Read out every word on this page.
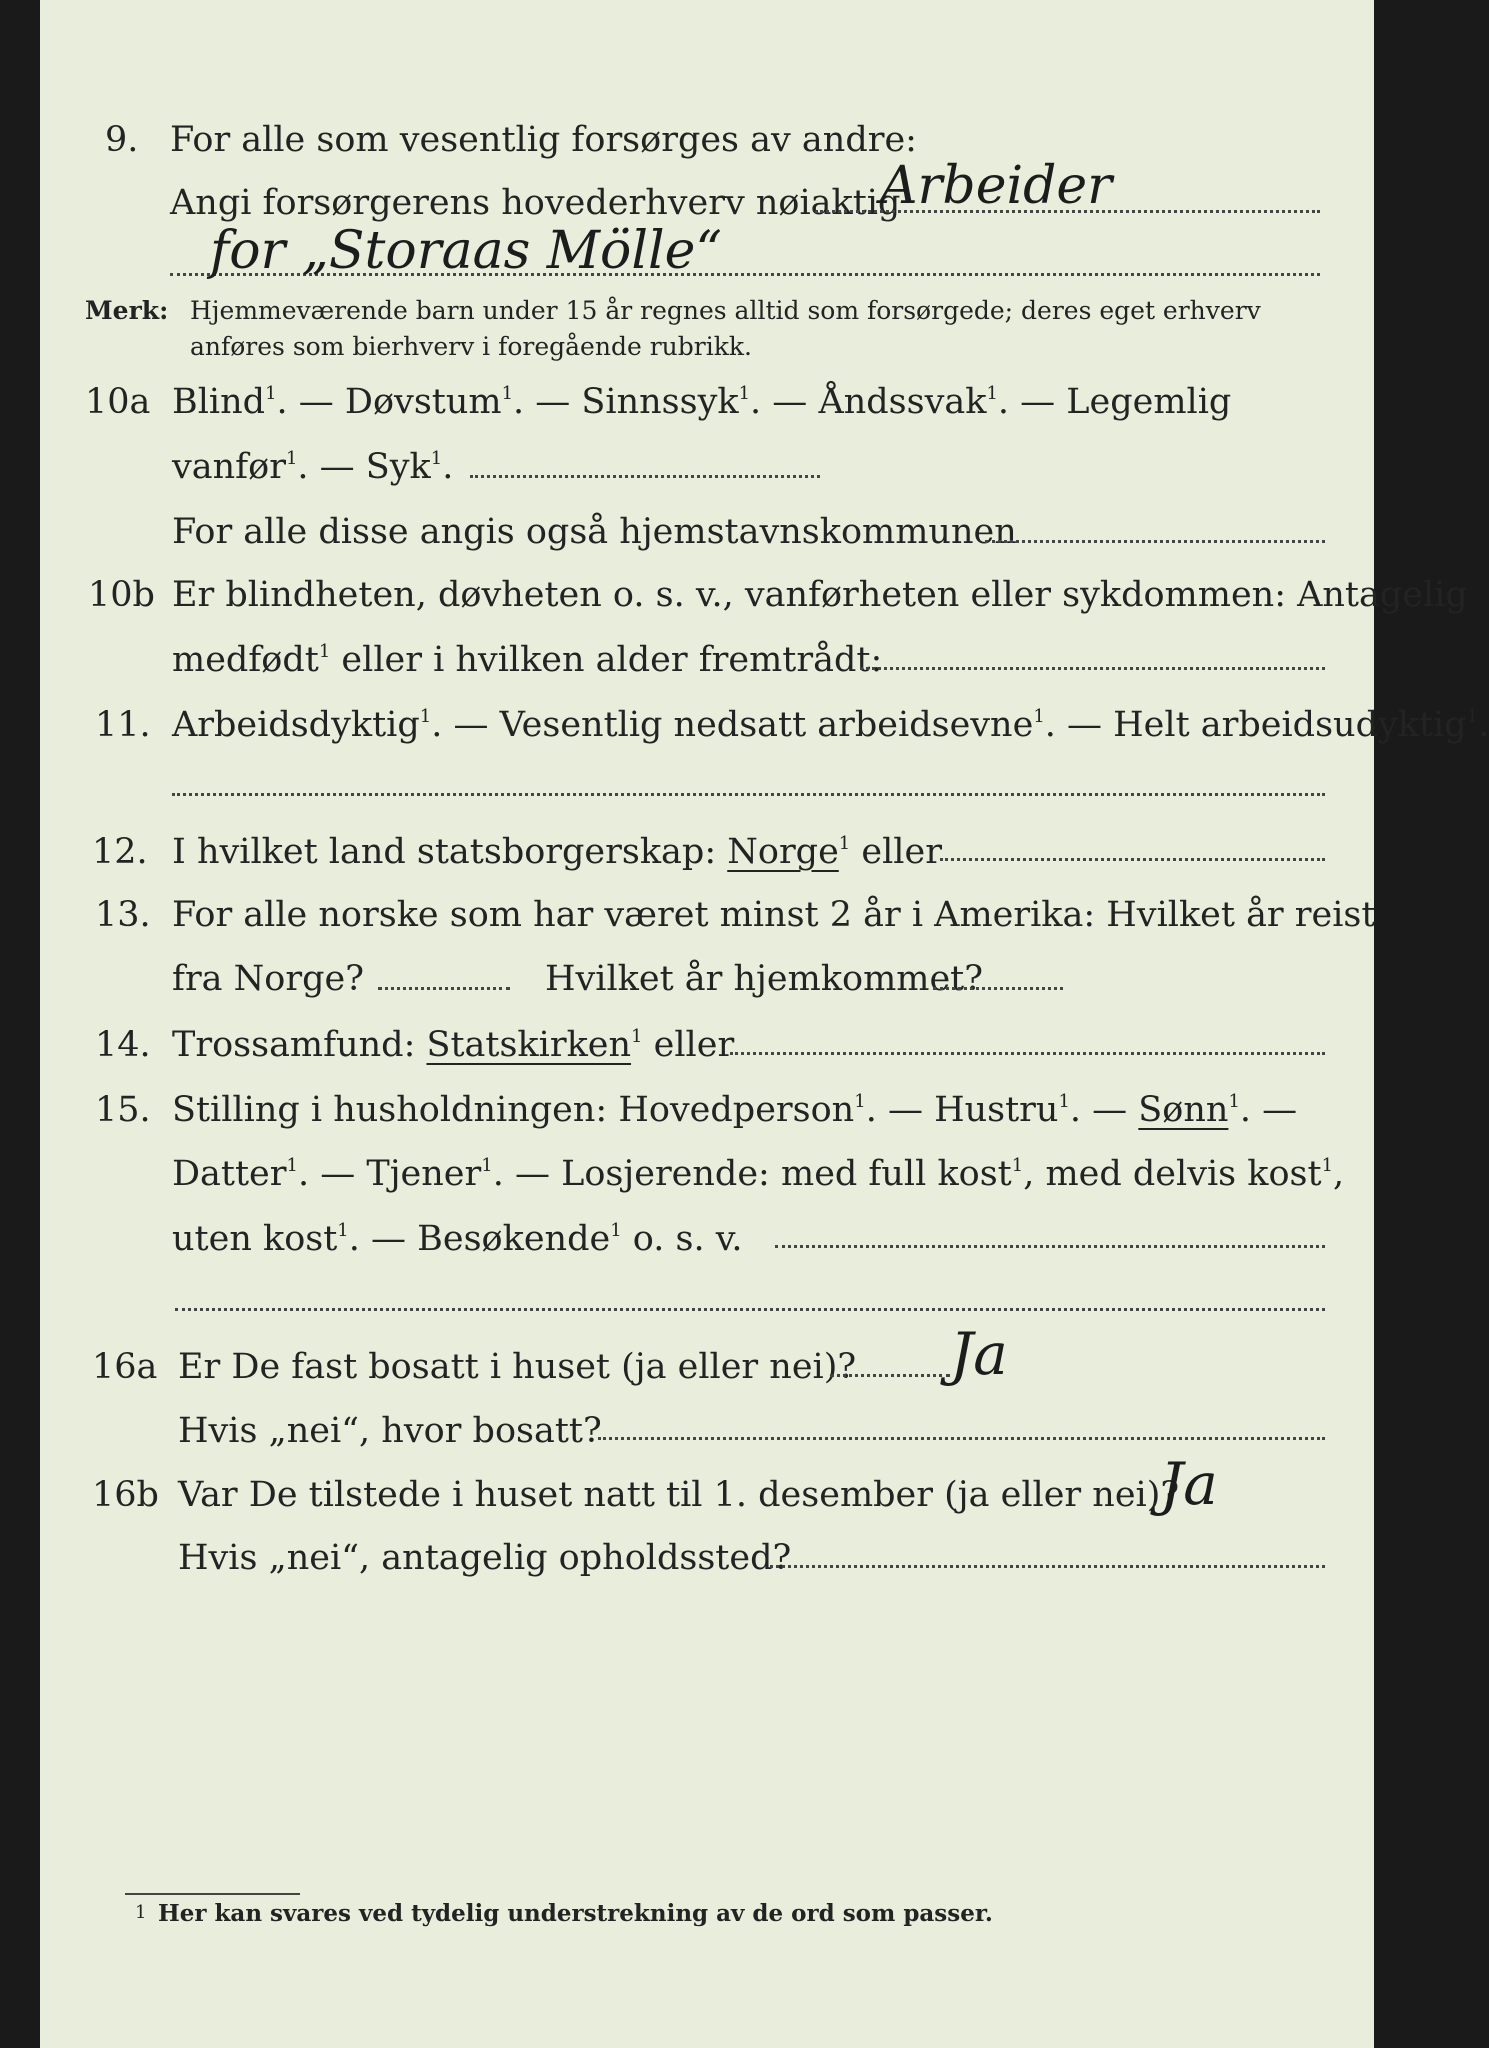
9. For alle som vesentlig forsørges av andre:
Angi forsørgerens hovederhverv nøiaktig
Arbeider
for „Storaas Mölle“
Merk: Hjemmeværende barn under 15 år regnes alltid som forsørgede; deres eget erhverv
anføres som bierhverv i foregående rubrikk.
10a Blind$^1$. — Døvstum$^1$. — Sinnssyk$^1$. — Åndssvak$^1$. — Legemlig
vanfør$^1$. — Syk$^1$.
For alle disse angis også hjemstavnskommunen
10b Er blindheten, døvheten o. s. v., vanførheten eller sykdommen: Antagelig
medfødt$^1$ eller i hvilken alder fremtrådt:
11. Arbeidsdyktig$^1$. — Vesentlig nedsatt arbeidsevne$^1$. — Helt arbeidsudyktig$^1$.
12. I hvilket land statsborgerskap: Norge$^1$ eller
13. For alle norske som har været minst 2 år i Amerika: Hvilket år reist
fra Norge?	Hvilket år hjemkommet?
14. Trossamfund: Statskirken$^1$ eller
15. Stilling i husholdningen: Hovedperson$^1$. — Hustru$^1$. — Sønn$^1$. —
Datter$^1$. — Tjener$^1$. — Losjerende: med full kost$^1$, med delvis kost$^1$,
uten kost$^1$. — Besøkende$^1$ o. s. v.
16a Er De fast bosatt i huset (ja eller nei)? Ja
Hvis „nei“, hvor bosatt?
16b Var De tilstede i huset natt til 1. desember (ja eller nei)?
Ja
Hvis „nei“, antagelig opholdssted?
1 Her kan svares ved tydelig understrekning av de ord som passer.
